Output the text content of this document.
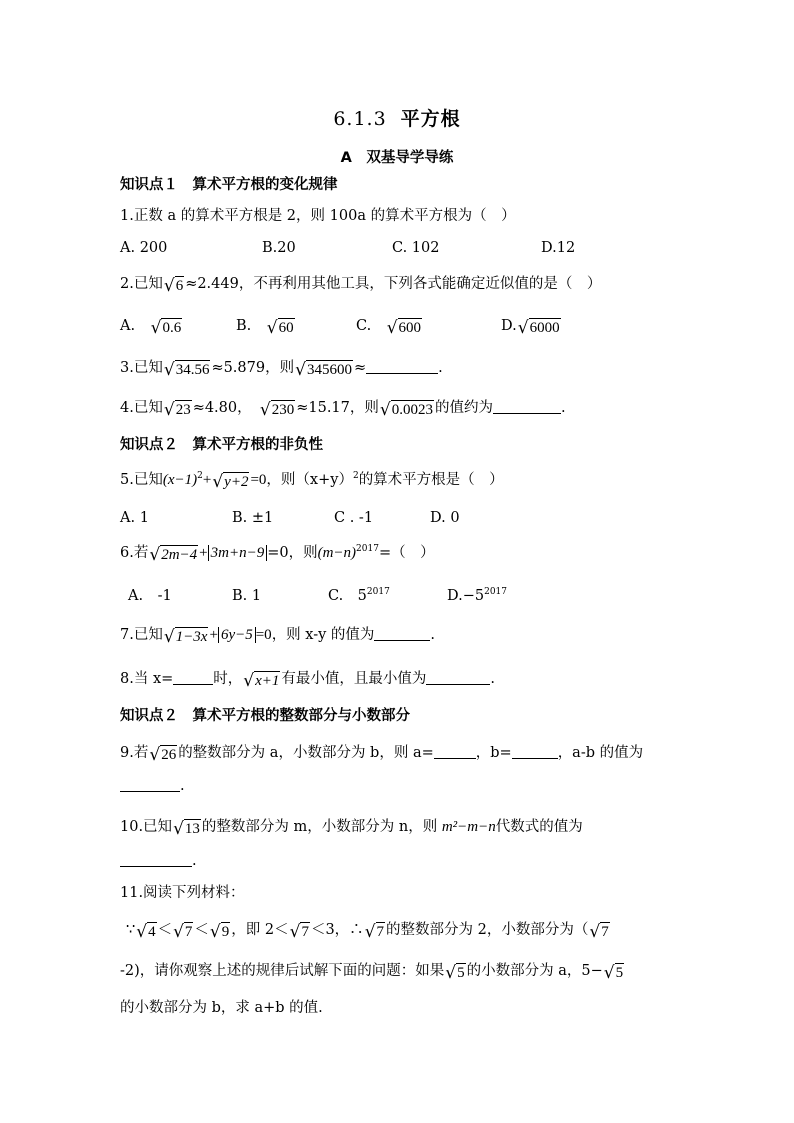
6.1.3 平方根
A　双基导学导练
知识点１　 算术平方根的变化规律
1.正数 a 的算术平方根是 2，则 100a 的算术平方根为（　）
A. 200	B.20	C. 102	D.12
2.已知 √ 6 ≈2.449，不再利用其他工具，下列各式能确定近似值的是（　）
A.　 √ 0.6	B.　 √ 60	C.　 √ 600	D. √ 6000
3.已知 √ 34.56 ≈5.879，则 √ 345600 ≈	.
4.已知 √ 23 ≈4.80，　 √ 230 ≈15.17，则 √ 0.0023 的值约为	.
知识点２　 算术平方根的非负性
5.已知$(x-1)^2+$ √ y+2 =0，则$(x+y)^2$的算术平方根是（　）
A. 1	B. ±1	C . -1	D. 0
6.若 √ 2m−4 + 3m+n−9 =0，则$(m-n)^{2017}=$（　）
A.　-1	B. 1	C.　$5^{2017}$	$D.-5^{2017}$
7.已知 √ 1−3x + 6y−5 =0，则 x-y 的值为	.
8.当 x=	时， √ x+1 有最小值，且最小值为	.
知识点２　 算术平方根的整数部分与小数部分
9.若 √ 26 的整数部分为 a，小数部分为 b，则 a=	，b=	，a-b 的值为
.
10.已知 √ 13 的整数部分为 m，小数部分为 n，则 m²−m−n代数式的值为
.
11.阅读下列材料：
∵ √ 4 ＜ √ 7 ＜ √ 9 ，即 2＜ √ 7 ＜3，∴ √ 7 的整数部分为 2，小数部分为（ √ 7
-2)，请你观察上述的规律后试解下面的问题：如果 √ 5 的小数部分为 a，5− √ 5
的小数部分为 b，求 a+b 的值.
